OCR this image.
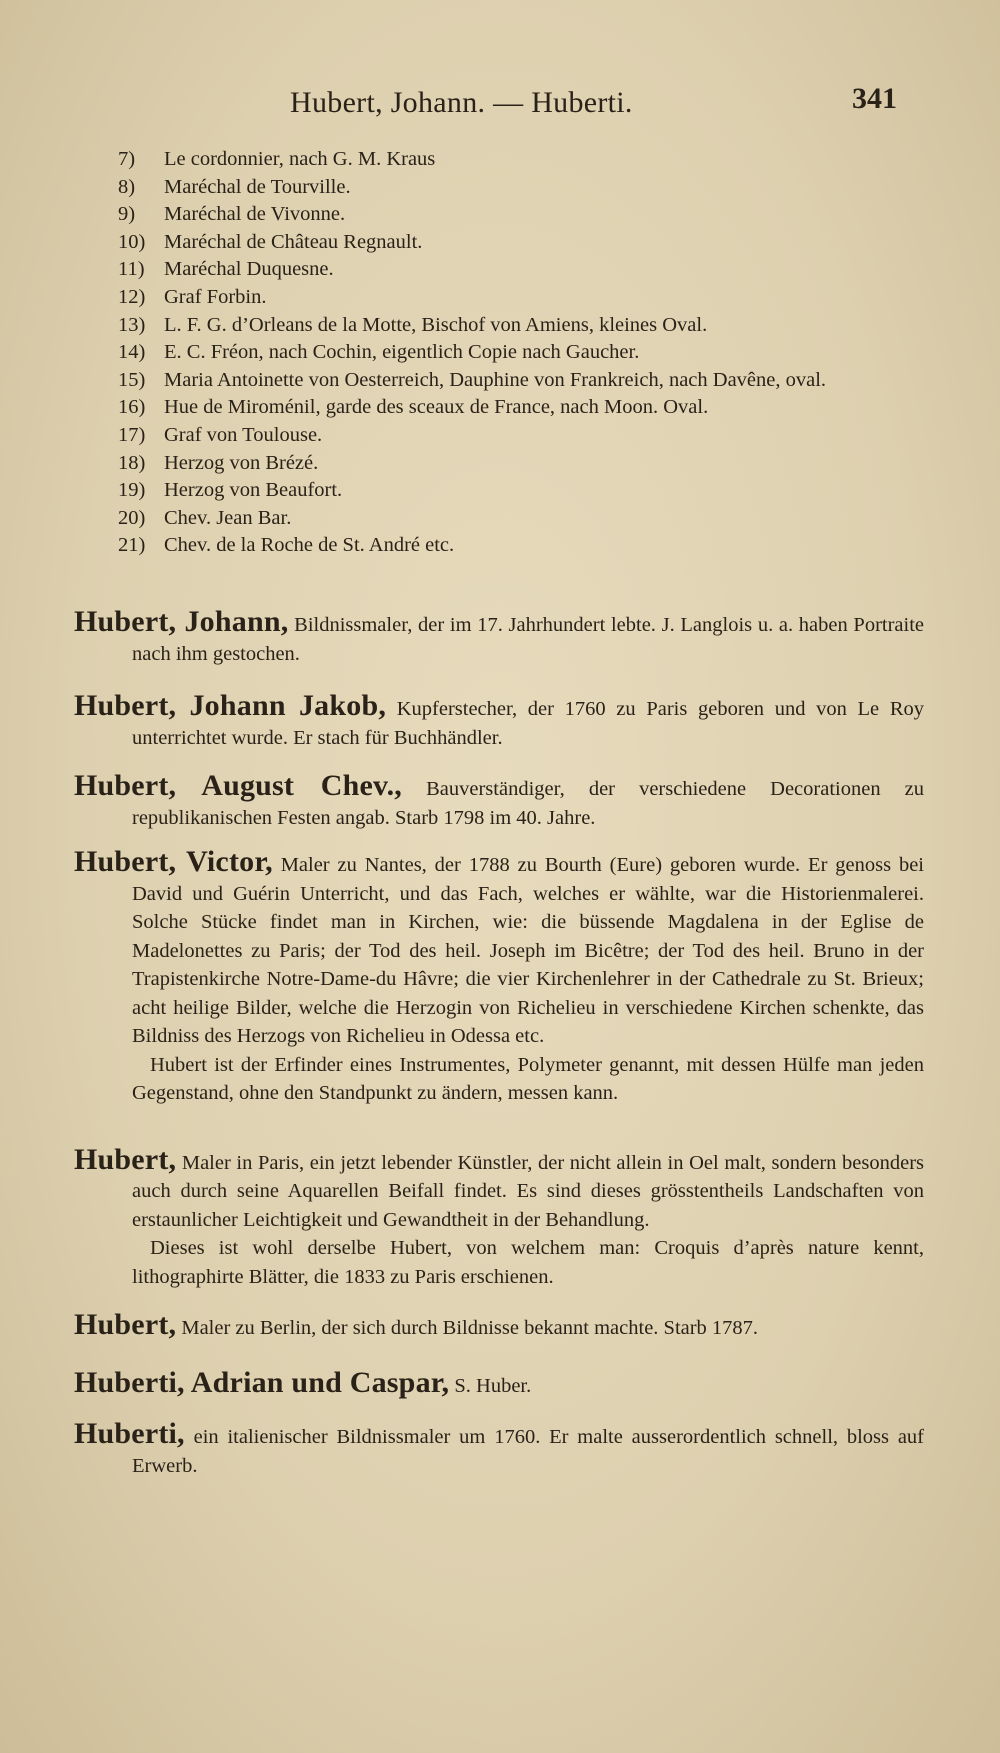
Hubert, Johann. — Huberti.	341
7)	Le cordonnier, nach G. M. Kraus
8)	Maréchal de Tourville.
9)	Maréchal de Vivonne.
10) Maréchal de Château Regnault.
11) Maréchal Duquesne.
12) Graf Forbin.
13) L. F. G. d’Orleans de la Motte, Bischof von Amiens, kleines Oval.
14) E. C. Fréon, nach Cochin, eigentlich Copie nach Gaucher.
15) Maria Antoinette von Oesterreich, Dauphine von Frankreich, nach Davêne, oval.
16) Hue de Miroménil, garde des sceaux de France, nach Moon. Oval.
17) Graf von Toulouse.
18) Herzog von Brézé.
19) Herzog von Beaufort.
20) Chev. Jean Bar.
21) Chev. de la Roche de St. André etc.
Hubert, Johann, Bildnissmaler, der im 17. Jahrhundert lebte. J. Langlois u. a. haben Portraite nach ihm gestochen.
Hubert, Johann Jakob, Kupferstecher, der 1760 zu Paris geboren und von Le Roy unterrichtet wurde. Er stach für Buchhändler.
Hubert, August Chev., Bauverständiger, der verschiedene Decorationen zu republikanischen Festen angab. Starb 1798 im 40. Jahre.
Hubert, Victor, Maler zu Nantes, der 1788 zu Bourth (Eure) geboren wurde. Er genoss bei David und Guérin Unterricht, und das Fach, welches er wählte, war die Historienmalerei. Solche Stücke findet man in Kirchen, wie: die büssende Magdalena in der Eglise de Madelonettes zu Paris; der Tod des heil. Joseph im Bicêtre; der Tod des heil. Bruno in der Trapistenkirche Notre-Dame-du Hâvre; die vier Kirchenlehrer in der Cathedrale zu St. Brieux; acht heilige Bilder, welche die Herzogin von Richelieu in verschiedene Kirchen schenkte, das Bildniss des Herzogs von Richelieu in Odessa etc.
Hubert ist der Erfinder eines Instrumentes, Polymeter genannt, mit dessen Hülfe man jeden Gegenstand, ohne den Standpunkt zu ändern, messen kann.
Hubert, Maler in Paris, ein jetzt lebender Künstler, der nicht allein in Oel malt, sondern besonders auch durch seine Aquarellen Beifall findet. Es sind dieses grösstentheils Landschaften von erstaunlicher Leichtigkeit und Gewandtheit in der Behandlung.
Dieses ist wohl derselbe Hubert, von welchem man: Croquis d’après nature kennt, lithographirte Blätter, die 1833 zu Paris erschienen.
Hubert, Maler zu Berlin, der sich durch Bildnisse bekannt machte. Starb 1787.
Huberti, Adrian und Caspar, S. Huber.
Huberti, ein italienischer Bildnissmaler um 1760. Er malte ausserordentlich schnell, bloss auf Erwerb.
